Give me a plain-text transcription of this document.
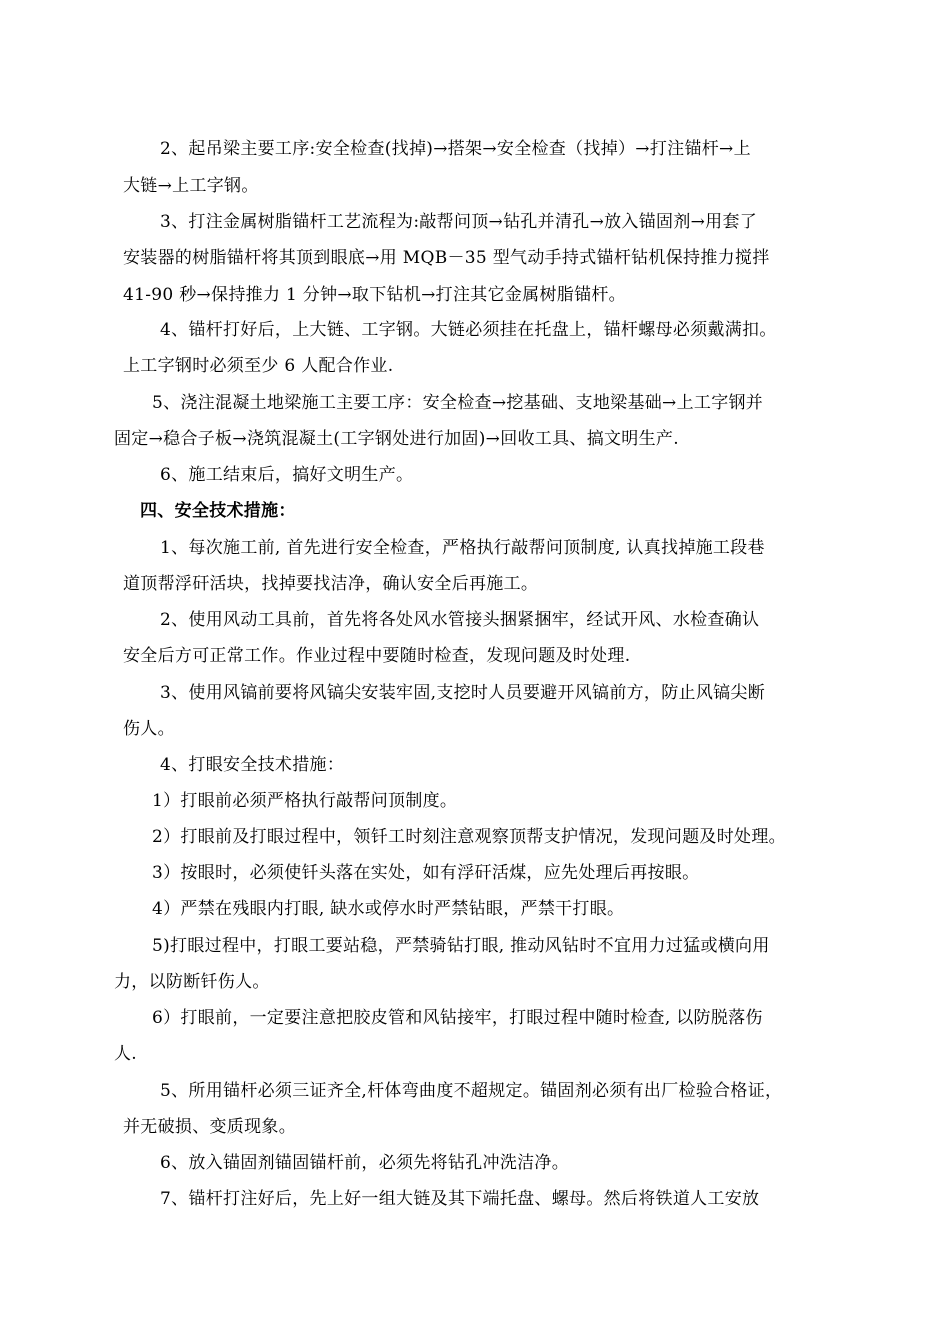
2、起吊梁主要工序:安全检查(找掉)→搭架→安全检查（找掉）→打注锚杆→上
大链→上工字钢。
3、打注金属树脂锚杆工艺流程为:敲帮问顶→钻孔并清孔→放入锚固剂→用套了
安装器的树脂锚杆将其顶到眼底→用 MQB－35 型气动手持式锚杆钻机保持推力搅拌
41-90 秒→保持推力 1 分钟→取下钻机→打注其它金属树脂锚杆。
4、锚杆打好后，上大链、工字钢。大链必须挂在托盘上，锚杆螺母必须戴满扣。
上工字钢时必须至少 6 人配合作业.
5、浇注混凝土地梁施工主要工序：安全检查→挖基础、支地梁基础→上工字钢并
固定→稳合子板→浇筑混凝土(工字钢处进行加固)→回收工具、搞文明生产.
6、施工结束后，搞好文明生产。
四、安全技术措施：
1、每次施工前, 首先进行安全检查，严格执行敲帮问顶制度, 认真找掉施工段巷
道顶帮浮矸活块，找掉要找洁净，确认安全后再施工。
2、使用风动工具前，首先将各处风水管接头捆紧捆牢，经试开风、水检查确认
安全后方可正常工作。作业过程中要随时检查，发现问题及时处理.
3、使用风镐前要将风镐尖安装牢固,支挖时人员要避开风镐前方，防止风镐尖断
伤人。
4、打眼安全技术措施：
1）打眼前必须严格执行敲帮问顶制度。
2）打眼前及打眼过程中，领钎工时刻注意观察顶帮支护情况，发现问题及时处理。
3）按眼时，必须使钎头落在实处，如有浮矸活煤，应先处理后再按眼。
4）严禁在残眼内打眼, 缺水或停水时严禁钻眼，严禁干打眼。
5)打眼过程中，打眼工要站稳，严禁骑钻打眼, 推动风钻时不宜用力过猛或横向用
力，以防断钎伤人。
6）打眼前，一定要注意把胶皮管和风钻接牢，打眼过程中随时检查, 以防脱落伤
人.
5、所用锚杆必须三证齐全,杆体弯曲度不超规定。锚固剂必须有出厂检验合格证，
并无破损、变质现象。
6、放入锚固剂锚固锚杆前，必须先将钻孔冲洗洁净。
7、锚杆打注好后，先上好一组大链及其下端托盘、螺母。然后将铁道人工安放
